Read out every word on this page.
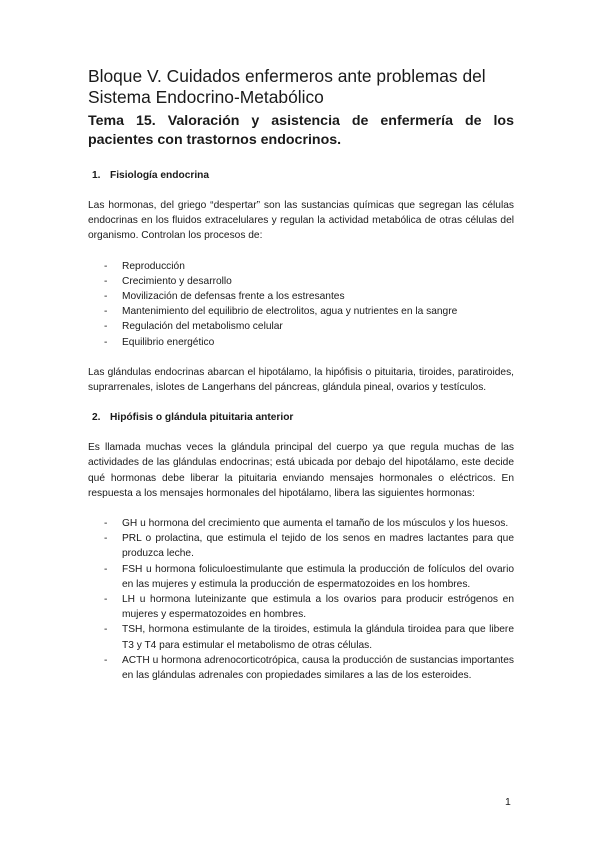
Bloque V. Cuidados enfermeros ante problemas del
Sistema Endocrino-Metabólico
Tema 15. Valoración y asistencia de enfermería de los pacientes con trastornos endocrinos.
1. Fisiología endocrina

Las hormonas, del griego “despertar” son las sustancias químicas que segregan las células endocrinas en los fluidos extracelulares y regulan la actividad metabólica de otras células del organismo. Controlan los procesos de:

-	Reproducción
-	Crecimiento y desarrollo
-	Movilización de defensas frente a los estresantes
-	Mantenimiento del equilibrio de electrolitos, agua y nutrientes en la sangre
-	Regulación del metabolismo celular
-	Equilibrio energético

Las glándulas endocrinas abarcan el hipotálamo, la hipófisis o pituitaria, tiroides, paratiroides, suprarrenales, islotes de Langerhans del páncreas, glándula pineal, ovarios y testículos.

2. Hipófisis o glándula pituitaria anterior

Es llamada muchas veces la glándula principal del cuerpo ya que regula muchas de las actividades de las glándulas endocrinas; está ubicada por debajo del hipotálamo, este decide qué hormonas debe liberar la pituitaria enviando mensajes hormonales o eléctricos. En respuesta a los mensajes hormonales del hipotálamo, libera las siguientes hormonas:

-	GH u hormona del crecimiento que aumenta el tamaño de los músculos y los huesos.
-	PRL o prolactina, que estimula el tejido de los senos en madres lactantes para que produzca leche.
-	FSH u hormona foliculoestimulante que estimula la producción de folículos del ovario en las mujeres y estimula la producción de espermatozoides en los hombres.
-	LH u hormona luteinizante que estimula a los ovarios para producir estrógenos en mujeres y espermatozoides en hombres.
-	TSH, hormona estimulante de la tiroides, estimula la glándula tiroidea para que libere T3 y T4 para estimular el metabolismo de otras células.
-	ACTH u hormona adrenocorticotrópica, causa la producción de sustancias importantes en las glándulas adrenales con propiedades similares a las de los esteroides.
1
